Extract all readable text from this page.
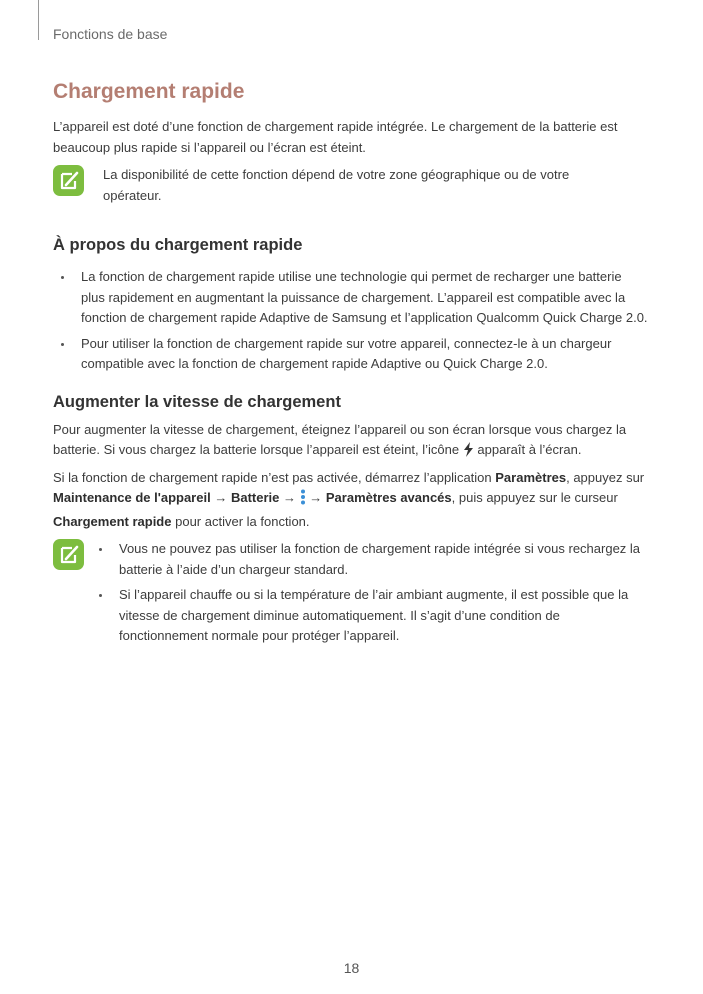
Fonctions de base
Chargement rapide

L’appareil est doté d’une fonction de chargement rapide intégrée. Le chargement de la batterie est beaucoup plus rapide si l’appareil ou l’écran est éteint.

La disponibilité de cette fonction dépend de votre zone géographique ou de votre opérateur.

À propos du chargement rapide
La fonction de chargement rapide utilise une technologie qui permet de recharger une batterie plus rapidement en augmentant la puissance de chargement. L’appareil est compatible avec la fonction de chargement rapide Adaptive de Samsung et l’application Qualcomm Quick Charge 2.0.
Pour utiliser la fonction de chargement rapide sur votre appareil, connectez-le à un chargeur compatible avec la fonction de chargement rapide Adaptive ou Quick Charge 2.0.
Augmenter la vitesse de chargement

Pour augmenter la vitesse de chargement, éteignez l’appareil ou son écran lorsque vous chargez la batterie. Si vous chargez la batterie lorsque l’appareil est éteint, l’icône apparaît à l’écran.

Si la fonction de chargement rapide n’est pas activée, démarrez l’application Paramètres, appuyez sur Maintenance de l'appareil → Batterie → → Paramètres avancés, puis appuyez sur le curseur Chargement rapide pour activer la fonction.

Vous ne pouvez pas utiliser la fonction de chargement rapide intégrée si vous rechargez la batterie à l’aide d’un chargeur standard.
Si l’appareil chauffe ou si la température de l’air ambiant augmente, il est possible que la vitesse de chargement diminue automatiquement. Il s’agit d’une condition de fonctionnement normale pour protéger l’appareil.
18
